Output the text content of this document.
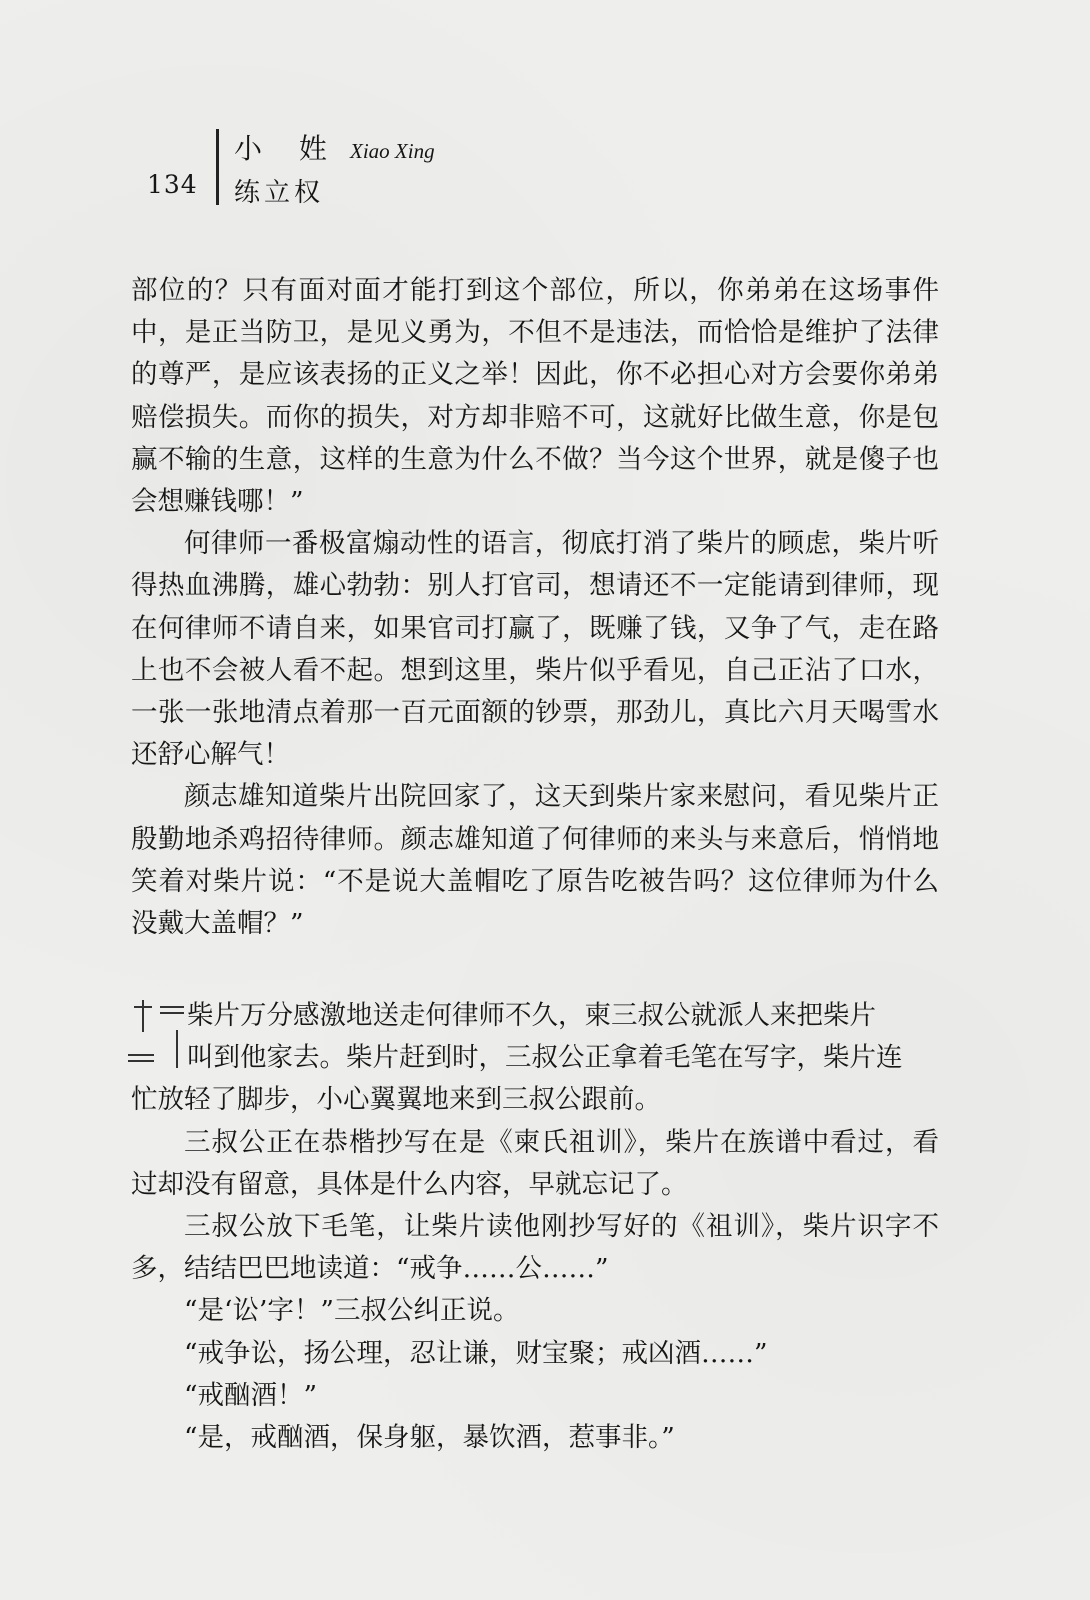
134
小 姓 Xiao Xing
练立权

部位的？只有面对面才能打到这个部位，所以，你弟弟在这场事件中，是正当防卫，是见义勇为，不但不是违法，而恰恰是维护了法律的尊严，是应该表扬的正义之举！因此，你不必担心对方会要你弟弟赔偿损失。而你的损失，对方却非赔不可，这就好比做生意，你是包赢不输的生意，这样的生意为什么不做？当今这个世界，就是傻子也会想赚钱哪！”

何律师一番极富煽动性的语言，彻底打消了柴片的顾虑，柴片听得热血沸腾，雄心勃勃：别人打官司，想请还不一定能请到律师，现在何律师不请自来，如果官司打赢了，既赚了钱，又争了气，走在路上也不会被人看不起。想到这里，柴片似乎看见，自己正沾了口水，一张一张地清点着那一百元面额的钞票，那劲儿，真比六月天喝雪水还舒心解气！

颜志雄知道柴片出院回家了，这天到柴片家来慰问，看见柴片正殷勤地杀鸡招待律师。颜志雄知道了何律师的来头与来意后，悄悄地笑着对柴片说：“不是说大盖帽吃了原告吃被告吗？这位律师为什么没戴大盖帽？”

柴片万分感激地送走何律师不久，柬三叔公就派人来把柴片

叫到他家去。柴片赶到时，三叔公正拿着毛笔在写字，柴片连

忙放轻了脚步，小心翼翼地来到三叔公跟前。

三叔公正在恭楷抄写在是《柬氏祖训》，柴片在族谱中看过，看过却没有留意，具体是什么内容，早就忘记了。

三叔公放下毛笔，让柴片读他刚抄写好的《祖训》，柴片识字不多，结结巴巴地读道：“戒争……公……”

“是‘讼’字！”三叔公纠正说。

“戒争讼，扬公理，忍让谦，财宝聚；戒凶酒……”

“戒酗酒！”

“是，戒酗酒，保身躯，暴饮酒，惹事非。”
